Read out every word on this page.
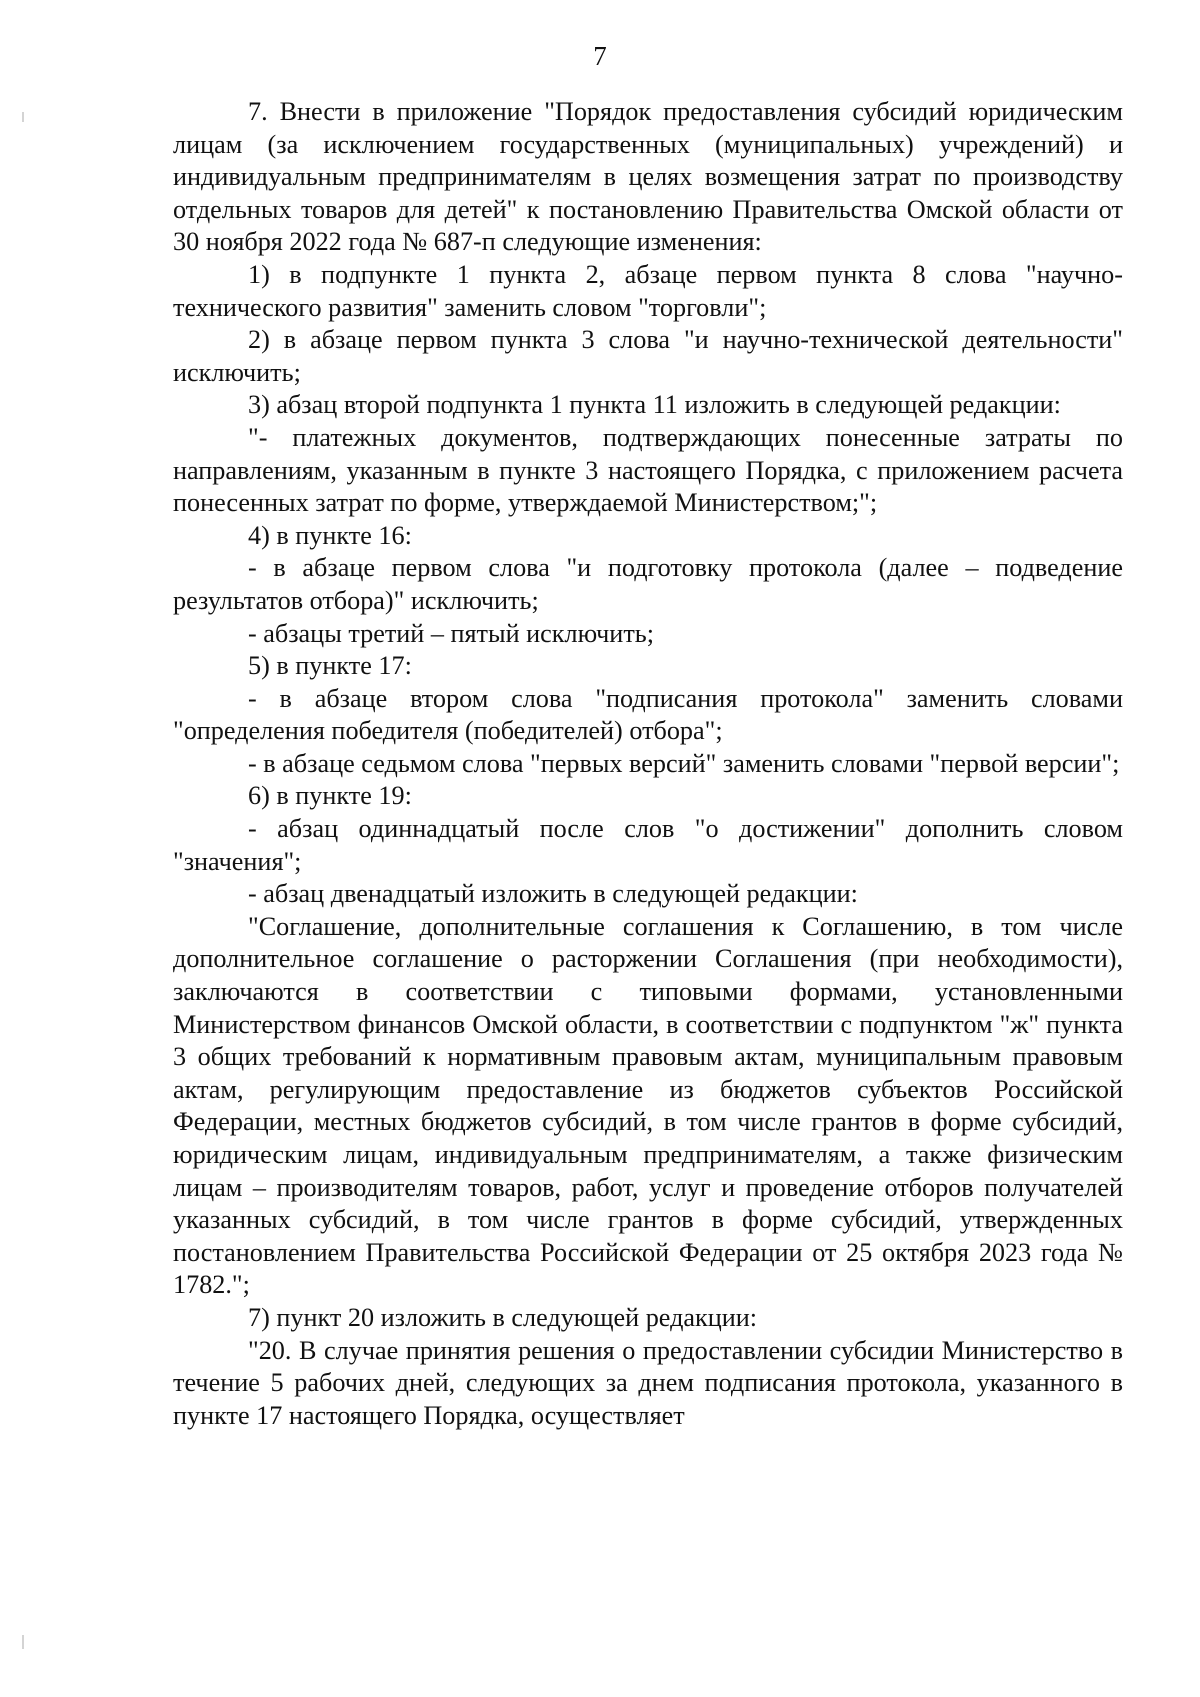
7

7. Внести в приложение "Порядок предоставления субсидий юридическим лицам (за исключением государственных (муниципальных) учреждений) и индивидуальным предпринимателям в целях возмещения затрат по производству отдельных товаров для детей" к постановлению Правительства Омской области от 30 ноября 2022 года № 687-п следующие изменения:

1) в подпункте 1 пункта 2, абзаце первом пункта 8 слова "научно-технического развития" заменить словом "торговли";

2) в абзаце первом пункта 3 слова "и научно-технической деятельности" исключить;

3) абзац второй подпункта 1 пункта 11 изложить в следующей редакции:

"- платежных документов, подтверждающих понесенные затраты по направлениям, указанным в пункте 3 настоящего Порядка, с приложением расчета понесенных затрат по форме, утверждаемой Министерством;";

4) в пункте 16:

- в абзаце первом слова "и подготовку протокола (далее – подведение результатов отбора)" исключить;

- абзацы третий – пятый исключить;

5) в пункте 17:

- в абзаце втором слова "подписания протокола" заменить словами "определения победителя (победителей) отбора";

- в абзаце седьмом слова "первых версий" заменить словами "первой версии";

6) в пункте 19:

- абзац одиннадцатый после слов "о достижении" дополнить словом "значения";

- абзац двенадцатый изложить в следующей редакции:

"Соглашение, дополнительные соглашения к Соглашению, в том числе дополнительное соглашение о расторжении Соглашения (при необходимости), заключаются в соответствии с типовыми формами, установленными Министерством финансов Омской области, в соответствии с подпунктом "ж" пункта 3 общих требований к нормативным правовым актам, муниципальным правовым актам, регулирующим предоставление из бюджетов субъектов Российской Федерации, местных бюджетов субсидий, в том числе грантов в форме субсидий, юридическим лицам, индивидуальным предпринимателям, а также физическим лицам – производителям товаров, работ, услуг и проведение отборов получателей указанных субсидий, в том числе грантов в форме субсидий, утвержденных постановлением Правительства Российской Федерации от 25 октября 2023 года № 1782.";

7) пункт 20 изложить в следующей редакции:

"20. В случае принятия решения о предоставлении субсидии Министерство в течение 5 рабочих дней, следующих за днем подписания протокола, указанного в пункте 17 настоящего Порядка, осуществляет
